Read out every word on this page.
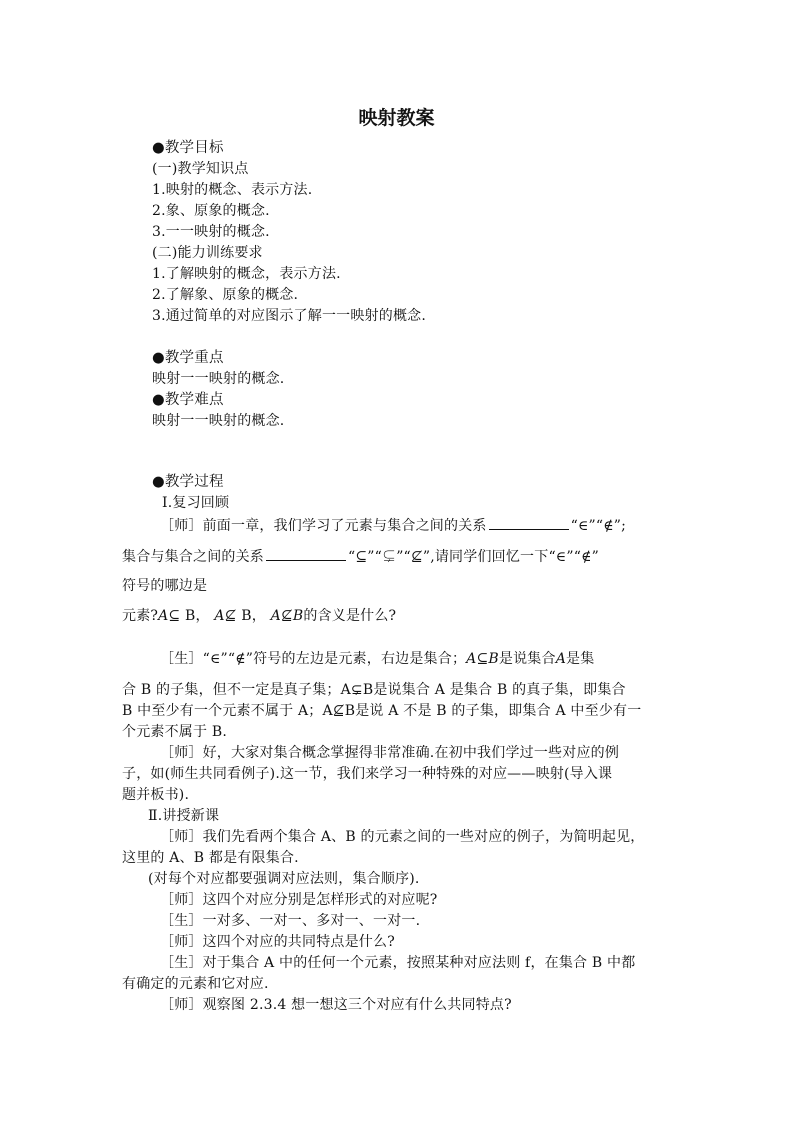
映射教案
●教学目标
(一)教学知识点
1.映射的概念、表示方法.
2.象、原象的概念.
3.一一映射的概念.
(二)能力训练要求
1.了解映射的概念，表示方法.
2.了解象、原象的概念.
3.通过简单的对应图示了解一一映射的概念.
●教学重点
映射一一映射的概念.
●教学难点
映射一一映射的概念.
●教学过程
Ⅰ.复习回顾
［师］前面一章，我们学习了元素与集合之间的关系	“∈”“∉”;
集合与集合之间的关系	“⊆”“⊊”“⊈”,请同学们回忆一下“∈”“∉”
符号的哪边是
元素?A⊆ B， A⊈ B， A⊈B的含义是什么?
［生］“∈”“∉”符号的左边是元素，右边是集合；A⊆B是说集合A是集
合 B 的子集，但不一定是真子集；A⊊B是说集合 A 是集合 B 的真子集，即集合
B 中至少有一个元素不属于 A；A⊈B是说 A 不是 B 的子集，即集合 A 中至少有一
个元素不属于 B.
［师］好，大家对集合概念掌握得非常准确.在初中我们学过一些对应的例
子，如(师生共同看例子).这一节，我们来学习一种特殊的对应——映射(导入课
题并板书).
Ⅱ.讲授新课
［师］我们先看两个集合 A、B 的元素之间的一些对应的例子，为简明起见，
这里的 A、B 都是有限集合.
(对每个对应都要强调对应法则，集合顺序).
［师］这四个对应分别是怎样形式的对应呢?
［生］一对多、一对一、多对一、一对一.
［师］这四个对应的共同特点是什么?
［生］对于集合 A 中的任何一个元素，按照某种对应法则 f，在集合 B 中都
有确定的元素和它对应.
［师］观察图 2.3.4 想一想这三个对应有什么共同特点?
